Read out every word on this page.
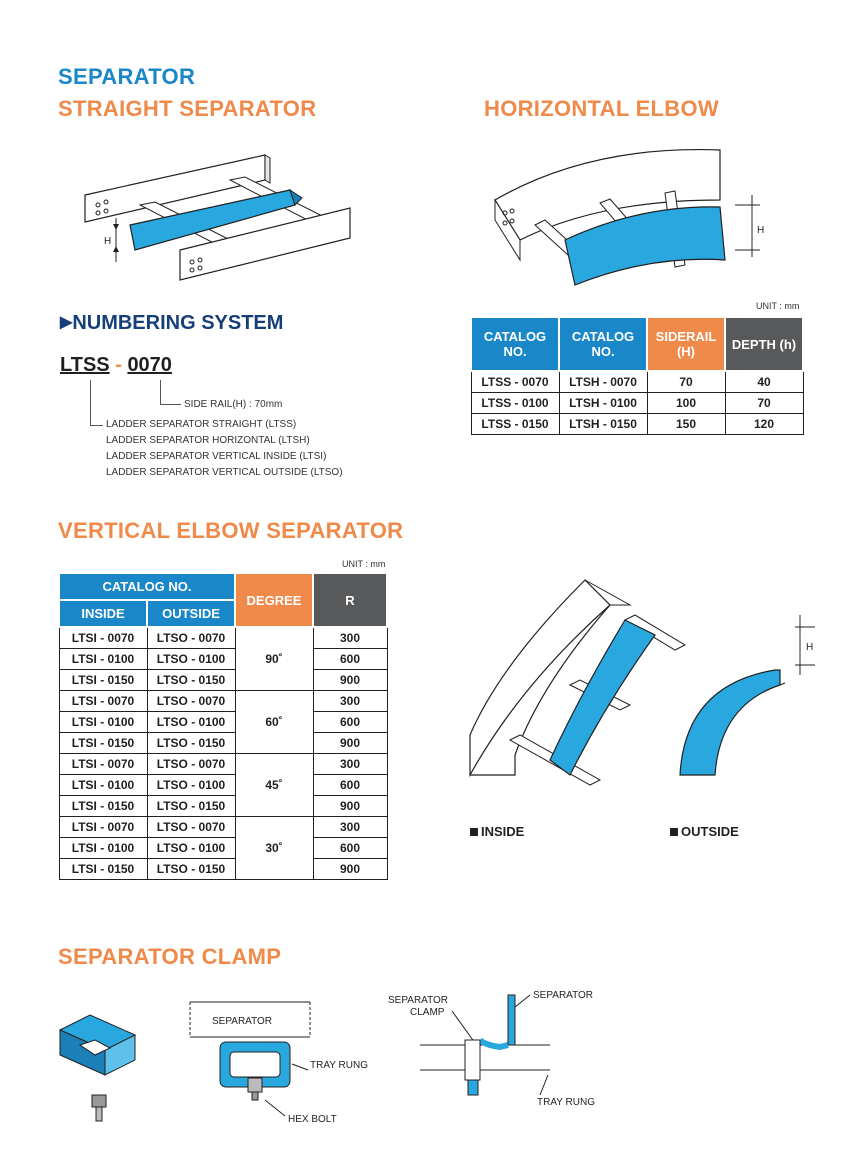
SEPARATOR
STRAIGHT SEPARATOR	HORIZONTAL ELBOW
H
H
▶NUMBERING SYSTEM
LTSS - 0070
SIDE RAIL(H) : 70mm
LADDER SEPARATOR STRAIGHT (LTSS)
LADDER SEPARATOR HORIZONTAL (LTSH)
LADDER SEPARATOR VERTICAL INSIDE (LTSI)
LADDER SEPARATOR VERTICAL OUTSIDE (LTSO)
UNIT : mm
CATALOG NO.	CATALOG NO.	SIDERAIL (H)	DEPTH (h)
LTSS - 0070	LTSH - 0070	70	40
LTSS - 0100	LTSH - 0100	100	70
LTSS - 0150	LTSH - 0150	150	120
VERTICAL ELBOW SEPARATOR
UNIT : mm
CATALOG NO.		DEGREE	R
INSIDE	OUTSIDE		
LTSI - 0070	LTSO - 0070	90˚	300
LTSI - 0100	LTSO - 0100		600
LTSI - 0150	LTSO - 0150		900
LTSI - 0070	LTSO - 0070	60˚	300
LTSI - 0100	LTSO - 0100		600
LTSI - 0150	LTSO - 0150		900
LTSI - 0070	LTSO - 0070	45˚	300
LTSI - 0100	LTSO - 0100		600
LTSI - 0150	LTSO - 0150		900
LTSI - 0070	LTSO - 0070	30˚	300
LTSI - 0100	LTSO - 0100		600
LTSI - 0150	LTSO - 0150		900
H
INSIDE	OUTSIDE
SEPARATOR CLAMP
SEPARATOR
TRAY RUNG
HEX BOLT
SEPARATOR
CLAMP
SEPARATOR
TRAY RUNG
